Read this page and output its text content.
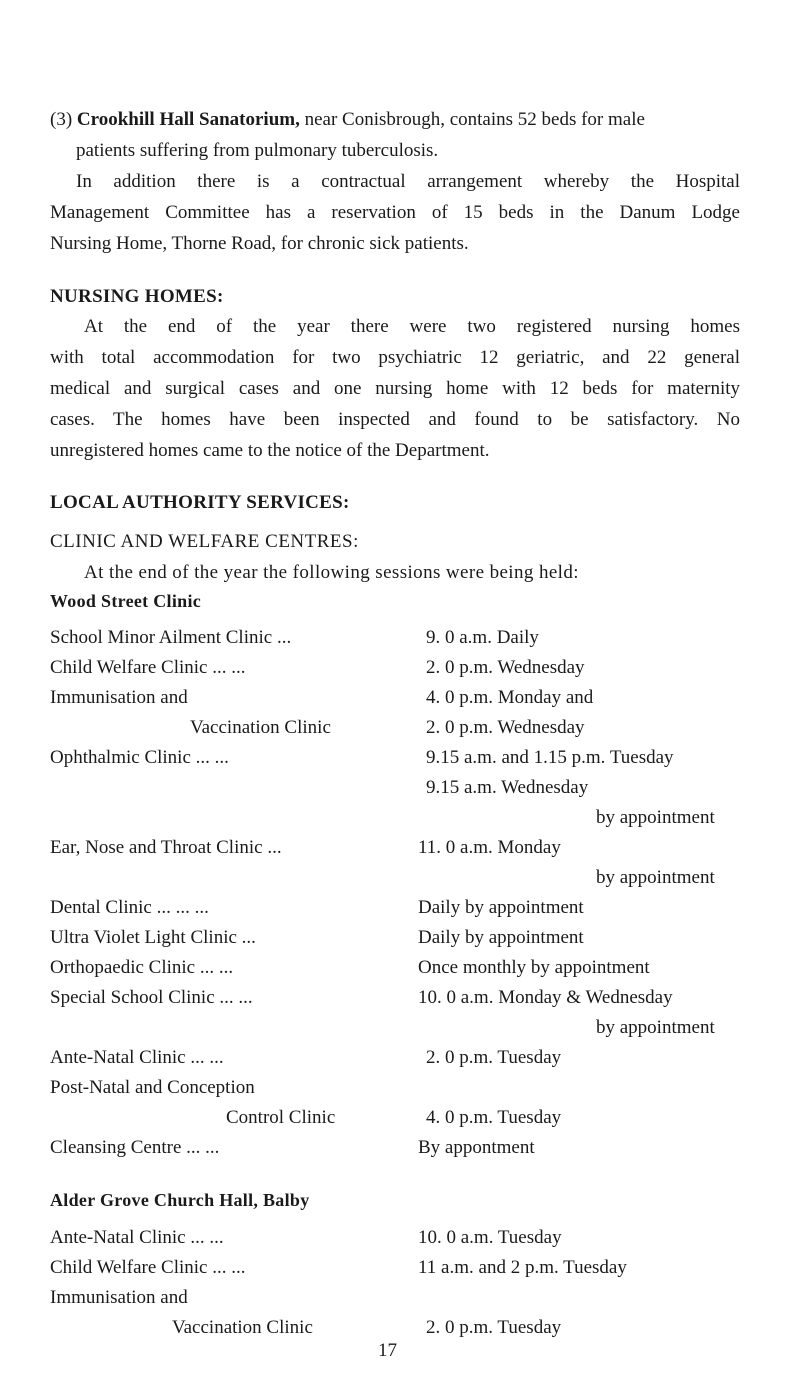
(3) Crookhill Hall Sanatorium, near Conisbrough, contains 52 beds for male

patients suffering from pulmonary tuberculosis.

In addition there is a contractual arrangement whereby the Hospital

Management Committee has a reservation of 15 beds in the Danum Lodge

Nursing Home, Thorne Road, for chronic sick patients.

NURSING HOMES:

At the end of the year there were two registered nursing homes

with total accommodation for two psychiatric 12 geriatric, and 22 general

medical and surgical cases and one nursing home with 12 beds for maternity

cases. The homes have been inspected and found to be satisfactory. No

unregistered homes came to the notice of the Department.

LOCAL AUTHORITY SERVICES:

CLINIC AND WELFARE CENTRES:

At the end of the year the following sessions were being held:

Wood Street Clinic

School Minor Ailment Clinic ...	9. 0 a.m. Daily
Child Welfare Clinic ... ...	2. 0 p.m. Wednesday
Immunisation and	4. 0 p.m. Monday and
Vaccination Clinic	2. 0 p.m. Wednesday
Ophthalmic Clinic ... ...	9.15 a.m. and 1.15 p.m. Tuesday
9.15 a.m. Wednesday
by appointment
Ear, Nose and Throat Clinic ...	11. 0 a.m. Monday
by appointment
Dental Clinic ... ... ...	Daily by appointment
Ultra Violet Light Clinic ...	Daily by appointment
Orthopaedic Clinic ... ...	Once monthly by appointment
Special School Clinic ... ...	10. 0 a.m. Monday & Wednesday
by appointment
Ante-Natal Clinic ... ...	2. 0 p.m. Tuesday
Post-Natal and Conception
Control Clinic	4. 0 p.m. Tuesday
Cleansing Centre ... ...	By appontment

Alder Grove Church Hall, Balby

Ante-Natal Clinic ... ...	10. 0 a.m. Tuesday
Child Welfare Clinic ... ...	11 a.m. and 2 p.m. Tuesday
Immunisation and
Vaccination Clinic	2. 0 p.m. Tuesday
17
